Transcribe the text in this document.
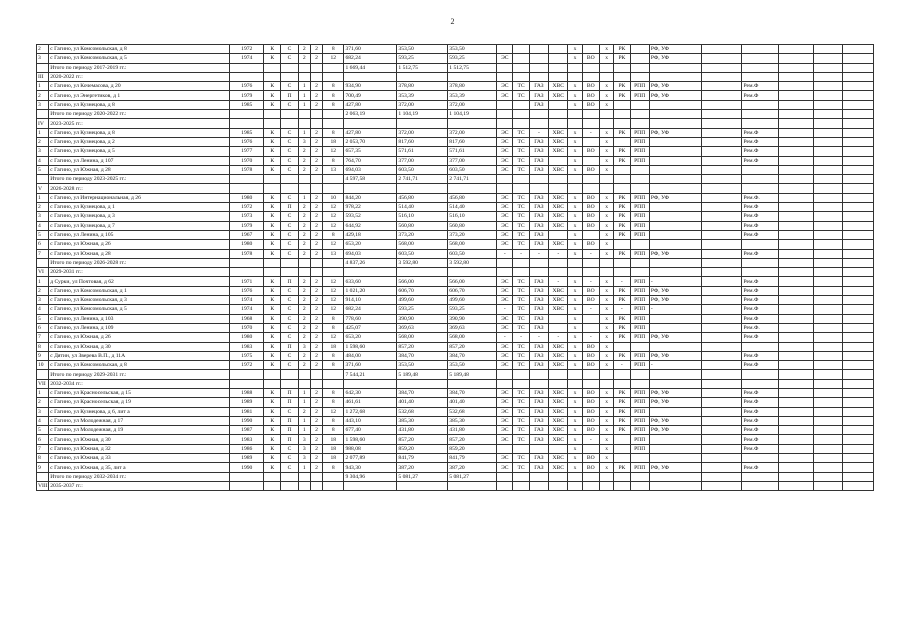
2
2	с Гагино, ул Комсомольская, д 8	1972	К	С	2	2	8	371,60	353,50	353,50					х		х	РК		РФ, УФ					
3	с Гагино, ул Комсомольская, д 5	1974	К	С	2	2	12	682,24	593,25	593,25	ЭС				х	ВО	х	РК		РФ, УФ					
	Итого по периоду 2017-2019 гг.:							1 669,44	1 512,75	1 512,75															
III	2020-2022 гг.:																								
1	с Гагино, ул Кочемасова, д 20	1976	К	С	1	2	8	934,90	378,80	378,80	ЭС	ТС	ГАЗ	ХВС	х	ВО	х	РК	РПП	РФ, УФ		Рем.Ф			
2	с Гагино, ул Энергетиков, д 1	1979	К	П	1	2	8	700,49	353,39	353,39	ЭС	ТС	ГАЗ	ХВС	х	ВО	х	РК	РПП	РФ, УФ		Рем.Ф			
3	с Гагино, ул Кузнецова, д 8	1985	К	С	1	2	8	427,80	372,00	372,00			ГАЗ		х	ВО	х								
	Итого по периоду 2020-2022 гг.:							2 063,19	1 104,19	1 104,19															
IV	2023-2025 гг.:																								
1	с Гагино, ул Кузнецова, д 8	1985	К	С	1	2	8	427,80	372,00	372,00	ЭС	ТС	-	ХВС	х	-	х	РК	РПП	РФ, УФ		Рем.Ф			
2	с Гагино, ул Кузнецова, д 2	1976	К	С	3	2	18	2 053,70	817,60	817,60	ЭС	ТС	ГАЗ	ХВС	х		х		РПП			Рем.Ф			
3	с Гагино, ул Кузнецова, д 5	1977	К	С	2	2	12	657,35	571,61	571,61	ЭС	ТС	ГАЗ	ХВС	х	ВО	х	РК	РПП			Рем.Ф			
4	с Гагино, ул Ленина, д 107	1970	К	С	2	2	8	764,70	377,00	377,00	ЭС	ТС	ГАЗ		х		х	РК	РПП			Рем.Ф			
5	с Гагино, ул Южная, д 28	1978	К	С	2	2	13	694,03	603,50	603,50	ЭС	ТС	ГАЗ	ХВС	х	ВО	х								
	Итого по периоду 2023-2025 гг.:							4 597,58	2 741,71	2 741,71															
V	2026-2028 гг.:																								
1	с Гагино, ул Интернациональная, д 26	1980	К	С	1	2	10	844,20	456,80	456,80	ЭС	ТС	ГАЗ	ХВС	х	ВО	х	РК	РПП	РФ, УФ		Рем.Ф.			
2	с Гагино, ул Кузнецова, д 1	1972	К	П	2	2	12	978,22	514,40	514,40	ЭС	ТС	ГАЗ	ХВС	х	ВО	х	РК	РПП			Рем.Ф			
3	с Гагино, ул Кузнецова, д 3	1973	К	С	2	2	12	593,52	516,10	516,10	ЭС	ТС	ГАЗ	ХВС	х	ВО	х	РК	РПП			Рем.Ф			
4	с Гагино, ул Кузнецова, д 7	1979	К	С	2	2	12	644,92	560,80	560,80	ЭС	ТС	ГАЗ	ХВС	х	ВО	х	РК	РПП			Рем.Ф			
5	с Гагино, ул Ленина, д 105	1967	К	С	2	2	8	429,18	373,20	373,20	ЭС	ТС	ГАЗ		х		х	РК	РПП			Рем.Ф			
6	с Гагино, ул Южная, д 26	1980	К	С	2	2	12	653,20	568,00	568,00	ЭС	ТС	ГАЗ	ХВС	х	ВО	х								
7	с Гагино, ул Южная, д 28	1978	К	С	2	2	13	694,03	603,50	603,50	-	-	-	-	х	-	х	РК	РПП	РФ, УФ		Рем.Ф			
	Итого по периоду 2026-2028 гг.:							4 837,26	3 592,80	3 592,80															
VI	2029-2031 гг.:																								
1	д Сурки, ул Почтовая, д 62	1971	К	П	2	2	12	633,60	566,00	566,00	ЭС	ТС	ГАЗ	-	х	-	х	-	РПП	-		Рем.Ф			
2	с Гагино, ул Комсомольская, д 1	1976	К	С	2	2	12	1 021,20	606,70	606,70	ЭС	ТС	ГАЗ	ХВС	х	ВО	х	РК	РПП	РФ, УФ		Рем.Ф			
3	с Гагино, ул Комсомольская, д 3	1974	К	С	2	2	12	914,10	499,60	499,60	ЭС	ТС	ГАЗ	ХВС	х	ВО	х	РК	РПП	РФ, УФ		Рем.Ф			
4	с Гагино, ул Комсомольская, д 5	1974	К	С	2	2	12	682,24	593,25	593,25	-	ТС	ГАЗ	ХВС	х	-	х	-	РПП	-		Рем.Ф			
5	с Гагино, ул Ленина, д 103	1968	К	С	2	2	8	778,60	390,90	390,90	ЭС	ТС	ГАЗ		х		х	РК	РПП			Рем.Ф			
6	с Гагино, ул Ленина, д 109	1970	К	С	2	2	8	425,07	369,63	369,63	ЭС	ТС	ГАЗ		х		х	РК	РПП			Рем.Ф.			
7	с Гагино, ул Южная, д 26	1980	К	С	2	2	12	653,20	568,00	568,00	-	-	-	-	х	-	х	РК	РПП	РФ, УФ		Рем.Ф			
8	с Гагино, ул Южная, д 30	1983	К	П	3	2	18	1 598,60	857,20	857,20	ЭС	ТС	ГАЗ	ХВС	х	ВО	х								
9	с Дятин, ул Зверева В.П., д 11А	1975	К	С	2	2	8	484,00	384,70	384,70	ЭС	ТС	ГАЗ	ХВС	х	ВО	х	РК	РПП	РФ, УФ		Рем.Ф			
10	с Гагино, ул Комсомольская, д 8	1972	К	С	2	2	8	371,60	353,50	353,50	ЭС	ТС	ГАЗ	ХВС	х	ВО	х	-	РПП	-		Рем.Ф			
	Итого по периоду 2029-2031 гг.:							7 544,21	5 189,48	5 189,48															
VII	2032-2034 гг.:																								
1	с Гагино, ул Красносельская, д 15	1988	К	П	1	2	8	642,30	384,70	384,70	ЭС	ТС	ГАЗ	ХВС	х	ВО	х	РК	РПП	РФ, УФ		Рем.Ф			
2	с Гагино, ул Красносельская, д 19	1989	К	П	1	2	8	461,61	401,40	401,40	ЭС	ТС	ГАЗ	ХВС	х	ВО	х	РК	РПП	РФ, УФ		Рем.Ф			
3	с Гагино, ул Кузнецова, д 6, лит а	1981	К	С	2	2	12	1 272,68	532,68	532,68	ЭС	ТС	ГАЗ	ХВС	х	ВО	х	РК	РПП			Рем.Ф			
4	с Гагино, ул Молодежная, д 17	1990	К	П	1	2	8	443,10	385,30	385,30	ЭС	ТС	ГАЗ	ХВС	х	ВО	х	РК	РПП	РФ, УФ		Рем.Ф			
5	с Гагино, ул Молодежная, д 19	1987	К	П	1	2	8	677,40	431,80	431,80	ЭС	ТС	ГАЗ	ХВС	х	ВО	х	РК	РПП	РФ, УФ		Рем.Ф			
6	с Гагино, ул Южная, д 30	1983	К	П	3	2	18	1 598,60	857,20	857,20	ЭС	ТС	ГАЗ	ХВС	х	-	х		РПП			Рем.Ф			
7	с Гагино, ул Южная, д 32	1986	К	С	3	2	18	988,08	859,20	859,20					х		х		РПП			Рем.Ф			
8	с Гагино, ул Южная, д 33	1989	К	С	3	2	18	2 077,89	841,79	841,79	ЭС	ТС	ГАЗ	ХВС	х	ВО	х								
9	с Гагино, ул Южная, д 35, лит а	1990	К	С	1	2	8	943,30	387,20	387,20	ЭС	ТС	ГАЗ	ХВС	х	ВО	х	РК	РПП	РФ, УФ		Рем.Ф			
	Итого по периоду 2032-2034 гг.:							9 304,96	5 081,27	5 081,27															
VIII	2035-2037 гг.:																								
